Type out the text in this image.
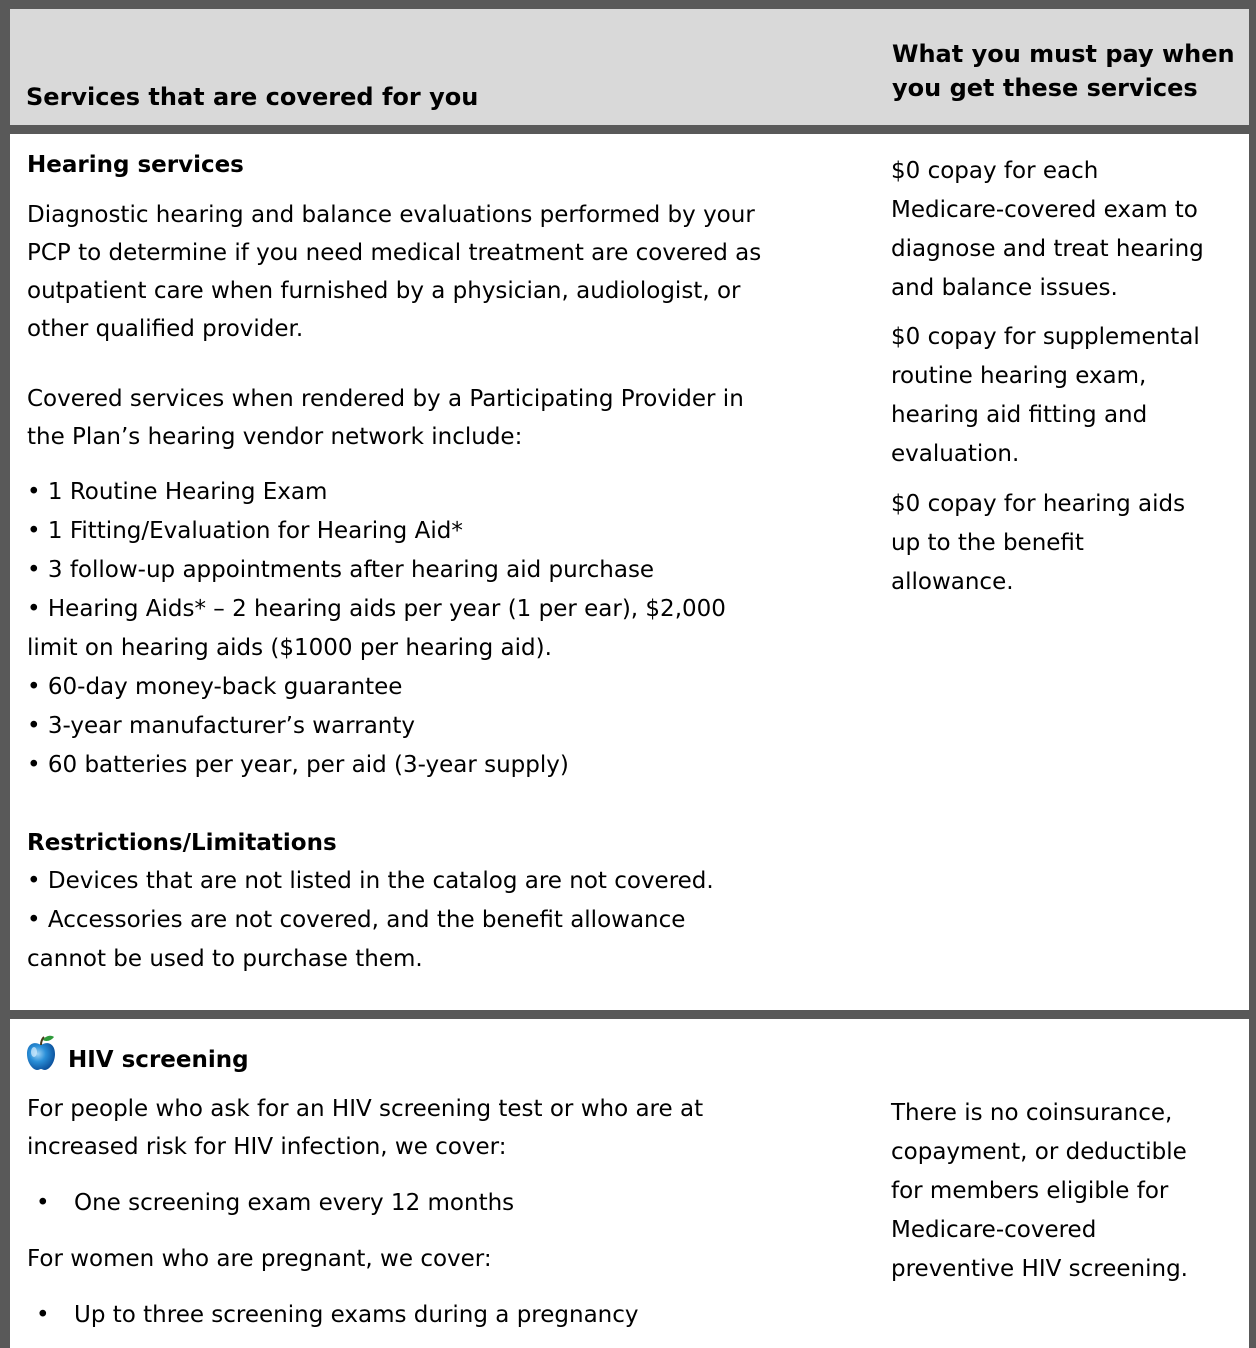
Services that are covered for you
What you must pay when
you get these services
Hearing services
Diagnostic hearing and balance evaluations performed by your
PCP to determine if you need medical treatment are covered as
outpatient care when furnished by a physician, audiologist, or
other qualified provider.
Covered services when rendered by a Participating Provider in
the Plan’s hearing vendor network include:
• 1 Routine Hearing Exam
• 1 Fitting/Evaluation for Hearing Aid*
• 3 follow-up appointments after hearing aid purchase
• Hearing Aids* – 2 hearing aids per year (1 per ear), $2,000
limit on hearing aids ($1000 per hearing aid).
• 60-day money-back guarantee
• 3-year manufacturer’s warranty
• 60 batteries per year, per aid (3-year supply)
Restrictions/Limitations
• Devices that are not listed in the catalog are not covered.
• Accessories are not covered, and the benefit allowance
cannot be used to purchase them.
$0 copay for each
Medicare-covered exam to
diagnose and treat hearing
and balance issues.
$0 copay for supplemental
routine hearing exam,
hearing aid fitting and
evaluation.
$0 copay for hearing aids
up to the benefit
allowance.
HIV screening
For people who ask for an HIV screening test or who are at
increased risk for HIV infection, we cover:
• One screening exam every 12 months
For women who are pregnant, we cover:
• Up to three screening exams during a pregnancy
There is no coinsurance,
copayment, or deductible
for members eligible for
Medicare-covered
preventive HIV screening.
